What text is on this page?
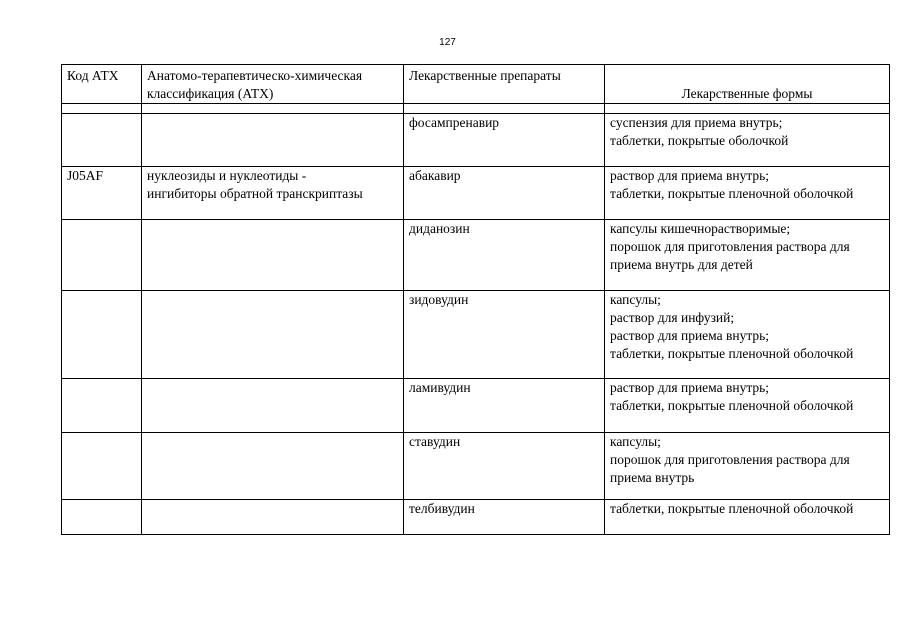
127
Код АТХ	Анатомо-терапевтическо-химическая
классификация (АТХ)	Лекарственные препараты	Лекарственные формы

		фосампренавир	суспензия для приема внутрь;
таблетки, покрытые оболочкой

J05AF	нуклеозиды и нуклеотиды -
ингибиторы обратной транскриптазы	абакавир	раствор для приема внутрь;
таблетки, покрытые пленочной оболочкой

		диданозин	капсулы кишечнорастворимые;
порошок для приготовления раствора для
приема внутрь для детей

		зидовудин	капсулы;
раствор для инфузий;
раствор для приема внутрь;
таблетки, покрытые пленочной оболочкой

		ламивудин	раствор для приема внутрь;
таблетки, покрытые пленочной оболочкой

		ставудин	капсулы;
порошок для приготовления раствора для
приема внутрь

		телбивудин	таблетки, покрытые пленочной оболочкой
